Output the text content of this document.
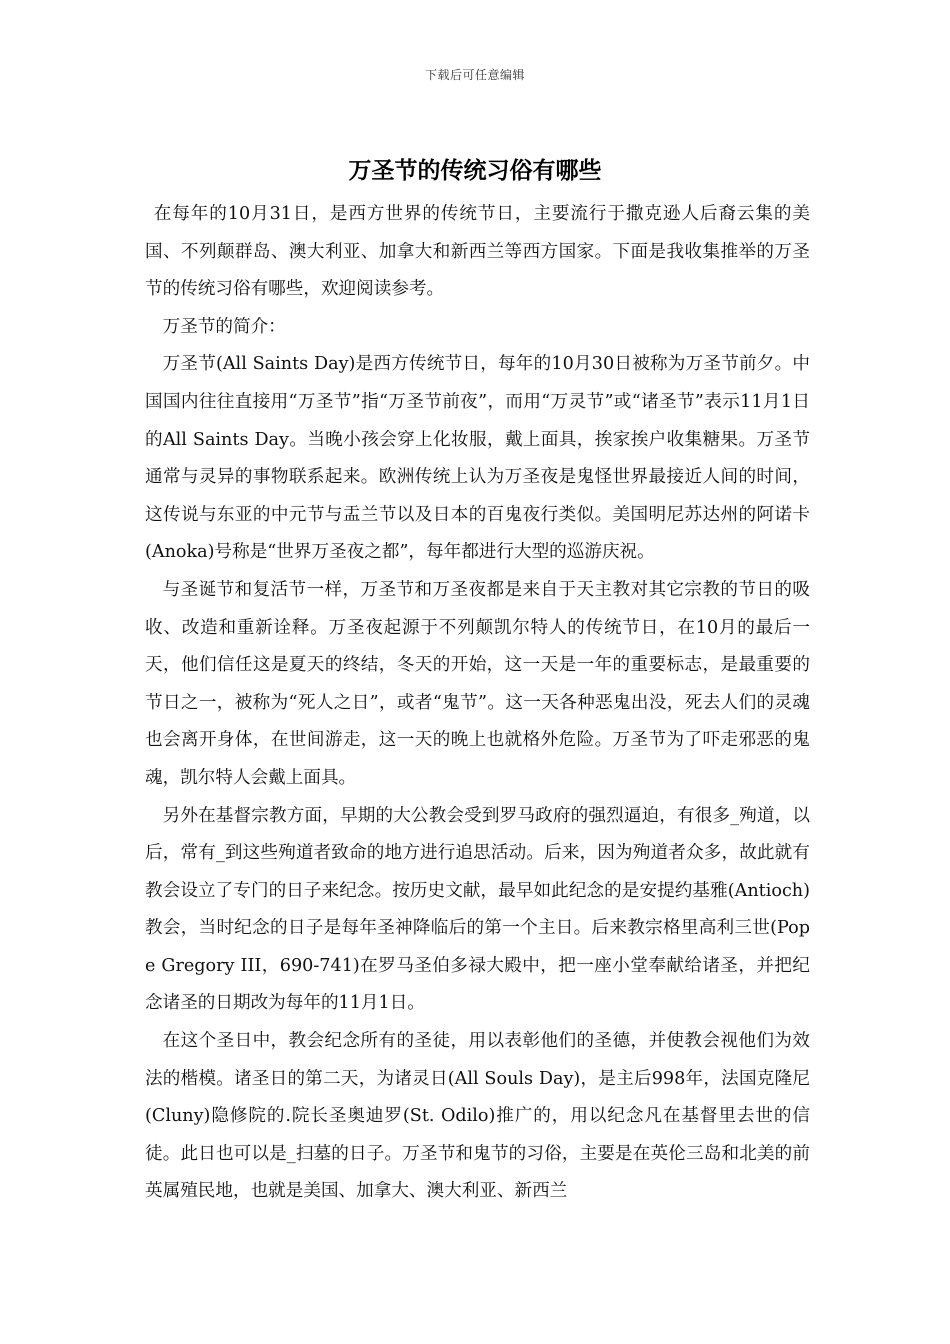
下载后可任意编辑
万圣节的传统习俗有哪些

在每年的10月31日，是西方世界的传统节日，主要流行于撒克逊人后裔云集的美国、不列颠群岛、澳大利亚、加拿大和新西兰等西方国家。下面是我收集推举的万圣节的传统习俗有哪些，欢迎阅读参考。

万圣节的简介：

万圣节(All Saints Day)是西方传统节日，每年的10月30日被称为万圣节前夕。中国国内往往直接用“万圣节”指“万圣节前夜”，而用“万灵节”或“诸圣节”表示11月1日的All Saints Day。当晚小孩会穿上化妆服，戴上面具，挨家挨户收集糖果。万圣节通常与灵异的事物联系起来。欧洲传统上认为万圣夜是鬼怪世界最接近人间的时间，这传说与东亚的中元节与盂兰节以及日本的百鬼夜行类似。美国明尼苏达州的阿诺卡(Anoka)号称是“世界万圣夜之都”，每年都进行大型的巡游庆祝。

与圣诞节和复活节一样，万圣节和万圣夜都是来自于天主教对其它宗教的节日的吸收、改造和重新诠释。万圣夜起源于不列颠凯尔特人的传统节日，在10月的最后一天，他们信任这是夏天的终结，冬天的开始，这一天是一年的重要标志，是最重要的节日之一，被称为“死人之日”，或者“鬼节”。这一天各种恶鬼出没，死去人们的灵魂也会离开身体，在世间游走，这一天的晚上也就格外危险。万圣节为了吓走邪恶的鬼魂，凯尔特人会戴上面具。

另外在基督宗教方面，早期的大公教会受到罗马政府的强烈逼迫，有很多_殉道，以后，常有_到这些殉道者致命的地方进行追思活动。后来，因为殉道者众多，故此就有教会设立了专门的日子来纪念。按历史文献，最早如此纪念的是安提约基雅(Antioch)教会，当时纪念的日子是每年圣神降临后的第一个主日。后来教宗格里高利三世(Pope Gregory III，690-741)在罗马圣伯多禄大殿中，把一座小堂奉献给诸圣，并把纪念诸圣的日期改为每年的11月1日。

在这个圣日中，教会纪念所有的圣徒，用以表彰他们的圣德，并使教会视他们为效法的楷模。诸圣日的第二天，为诸灵日(All Souls Day)，是主后998年，法国克隆尼(Cluny)隐修院的.院长圣奥迪罗(St. Odilo)推广的，用以纪念凡在基督里去世的信徒。此日也可以是_扫墓的日子。万圣节和鬼节的习俗，主要是在英伦三岛和北美的前英属殖民地，也就是美国、加拿大、澳大利亚、新西兰
